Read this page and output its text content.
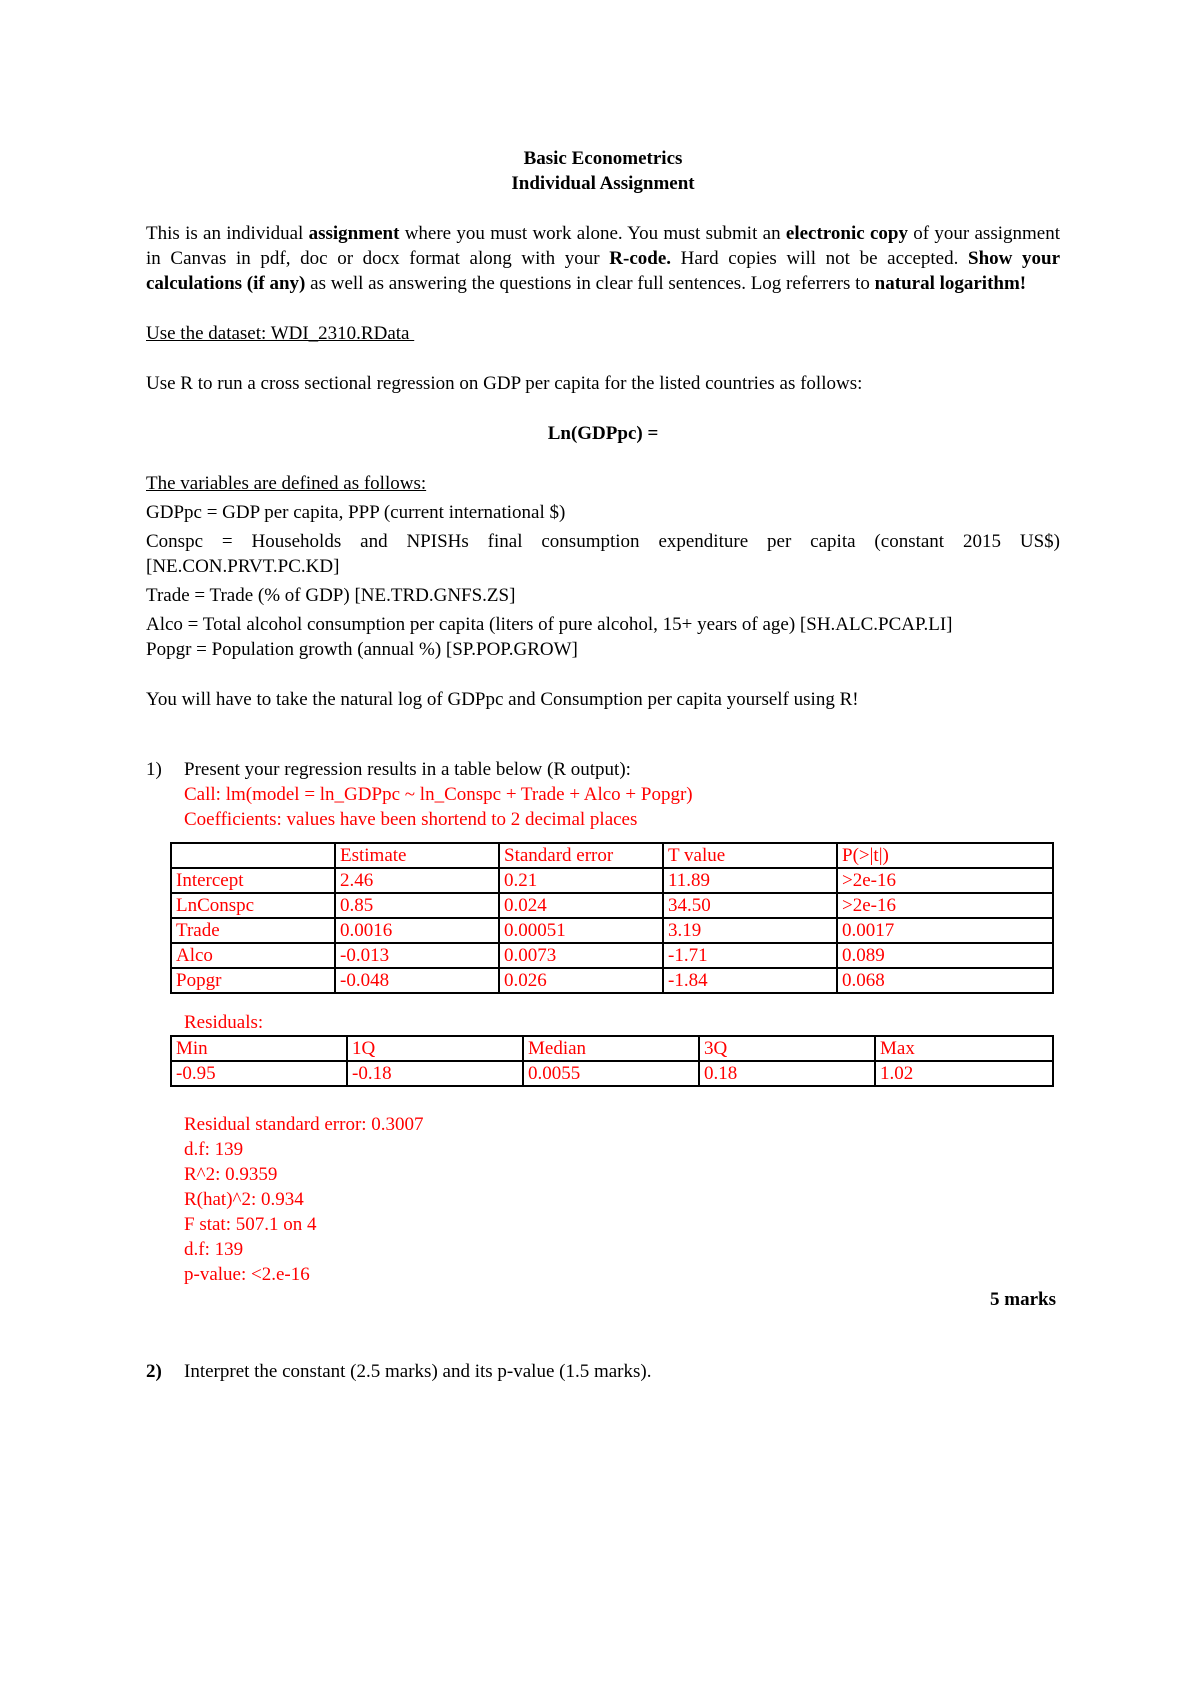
Basic Econometrics

Individual Assignment

This is an individual assignment where you must work alone. You must submit an electronic copy of your assignment in Canvas in pdf, doc or docx format along with your R-code. Hard copies will not be accepted. Show your calculations (if any) as well as answering the questions in clear full sentences. Log referrers to natural logarithm!

Use the dataset: WDI_2310.RData

Use R to run a cross sectional regression on GDP per capita for the listed countries as follows:

Ln(GDPpc) =

The variables are defined as follows:

GDPpc = GDP per capita, PPP (current international $)

Conspc = Households and NPISHs final consumption expenditure per capita (constant 2015 US$) [NE.CON.PRVT.PC.KD]

Trade = Trade (% of GDP) [NE.TRD.GNFS.ZS]

Alco = Total alcohol consumption per capita (liters of pure alcohol, 15+ years of age) [SH.ALC.PCAP.LI]

Popgr = Population growth (annual %) [SP.POP.GROW]

You will have to take the natural log of GDPpc and Consumption per capita yourself using R!

1) Present your regression results in a table below (R output):

Call: lm(model = ln_GDPpc ~ ln_Conspc + Trade + Alco + Popgr)

Coefficients: values have been shortend to 2 decimal places

	Estimate	Standard error	T value	P(>|t|)
Intercept	2.46	0.21	11.89	>2e-16
LnConspc	0.85	0.024	34.50	>2e-16
Trade	0.0016	0.00051	3.19	0.0017
Alco	-0.013	0.0073	-1.71	0.089
Popgr	-0.048	0.026	-1.84	0.068

Residuals:

Min	1Q	Median	3Q	Max
-0.95	-0.18	0.0055	0.18	1.02

Residual standard error: 0.3007

d.f: 139

R^2: 0.9359

R(hat)^2: 0.934

F stat: 507.1 on 4

d.f: 139

p-value: <2.e-16

5 marks

2) Interpret the constant (2.5 marks) and its p-value (1.5 marks).
